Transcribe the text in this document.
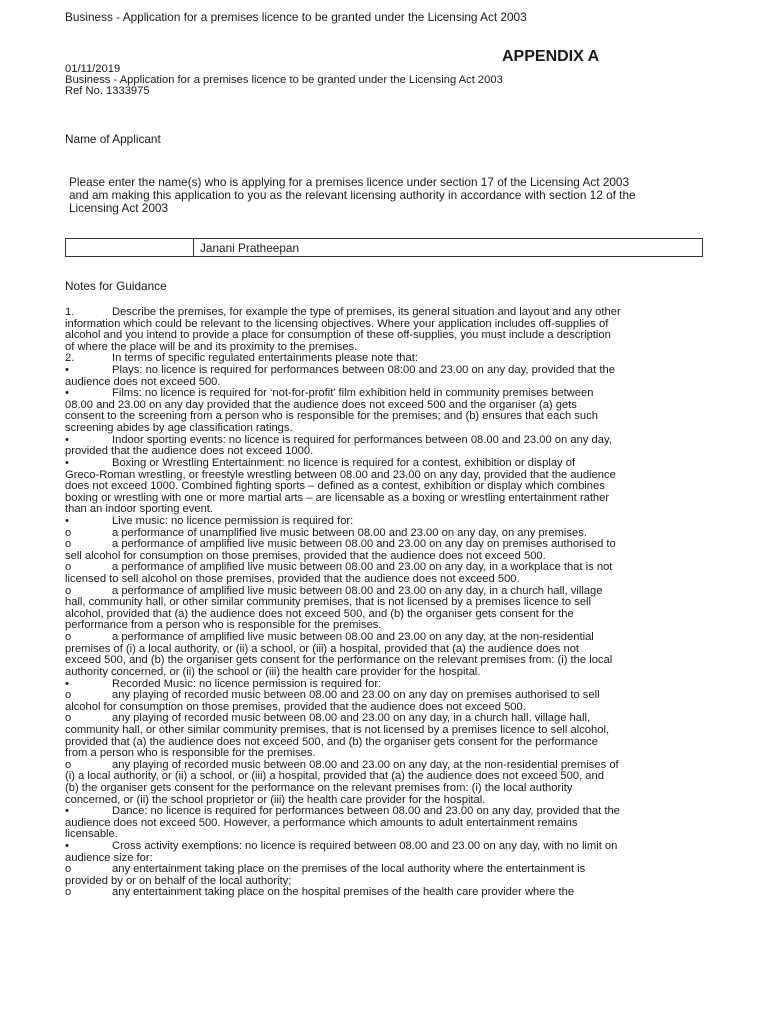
Business - Application for a premises licence to be granted under the Licensing Act 2003
APPENDIX A
01/11/2019
Business - Application for a premises licence to be granted under the Licensing Act 2003
Ref No. 1333975
Name of Applicant
Please enter the name(s) who is applying for a premises licence under section 17 of the Licensing Act 2003
and am making this application to you as the relevant licensing authority in accordance with section 12 of the
Licensing Act 2003
Janani Pratheepan
Notes for Guidance
1.	Describe the premises, for example the type of premises, its general situation and layout and any other
information which could be relevant to the licensing objectives. Where your application includes off-supplies of
alcohol and you intend to provide a place for consumption of these off-supplies, you must include a description
of where the place will be and its proximity to the premises.
2.	In terms of specific regulated entertainments please note that:
•	Plays: no licence is required for performances between 08:00 and 23.00 on any day, provided that the
audience does not exceed 500.
•	Films: no licence is required for ‘not-for-profit’ film exhibition held in community premises between
08.00 and 23.00 on any day provided that the audience does not exceed 500 and the organiser (a) gets
consent to the screening from a person who is responsible for the premises; and (b) ensures that each such
screening abides by age classification ratings.
•	Indoor sporting events: no licence is required for performances between 08.00 and 23.00 on any day,
provided that the audience does not exceed 1000.
•	Boxing or Wrestling Entertainment: no licence is required for a contest, exhibition or display of
Greco-Roman wrestling, or freestyle wrestling between 08.00 and 23.00 on any day, provided that the audience
does not exceed 1000. Combined fighting sports – defined as a contest, exhibition or display which combines
boxing or wrestling with one or more martial arts – are licensable as a boxing or wrestling entertainment rather
than an indoor sporting event.
•	Live music: no licence permission is required for:
o	a performance of unamplified live music between 08.00 and 23.00 on any day, on any premises.
o	a performance of amplified live music between 08.00 and 23.00 on any day on premises authorised to
sell alcohol for consumption on those premises, provided that the audience does not exceed 500.
o	a performance of amplified live music between 08.00 and 23.00 on any day, in a workplace that is not
licensed to sell alcohol on those premises, provided that the audience does not exceed 500.
o	a performance of amplified live music between 08.00 and 23.00 on any day, in a church hall, village
hall, community hall, or other similar community premises, that is not licensed by a premises licence to sell
alcohol, provided that (a) the audience does not exceed 500, and (b) the organiser gets consent for the
performance from a person who is responsible for the premises.
o	a performance of amplified live music between 08.00 and 23.00 on any day, at the non-residential
premises of (i) a local authority, or (ii) a school, or (iii) a hospital, provided that (a) the audience does not
exceed 500, and (b) the organiser gets consent for the performance on the relevant premises from: (i) the local
authority concerned, or (ii) the school or (iii) the health care provider for the hospital.
•	Recorded Music: no licence permission is required for:
o	any playing of recorded music between 08.00 and 23.00 on any day on premises authorised to sell
alcohol for consumption on those premises, provided that the audience does not exceed 500.
o	any playing of recorded music between 08.00 and 23.00 on any day, in a church hall, village hall,
community hall, or other similar community premises, that is not licensed by a premises licence to sell alcohol,
provided that (a) the audience does not exceed 500, and (b) the organiser gets consent for the performance
from a person who is responsible for the premises.
o	any playing of recorded music between 08.00 and 23.00 on any day, at the non-residential premises of
(i) a local authority, or (ii) a school, or (iii) a hospital, provided that (a) the audience does not exceed 500, and
(b) the organiser gets consent for the performance on the relevant premises from: (i) the local authority
concerned, or (ii) the school proprietor or (iii) the health care provider for the hospital.
•	Dance: no licence is required for performances between 08.00 and 23.00 on any day, provided that the
audience does not exceed 500. However, a performance which amounts to adult entertainment remains
licensable.
•	Cross activity exemptions: no licence is required between 08.00 and 23.00 on any day, with no limit on
audience size for:
o	any entertainment taking place on the premises of the local authority where the entertainment is
provided by or on behalf of the local authority;
o	any entertainment taking place on the hospital premises of the health care provider where the
